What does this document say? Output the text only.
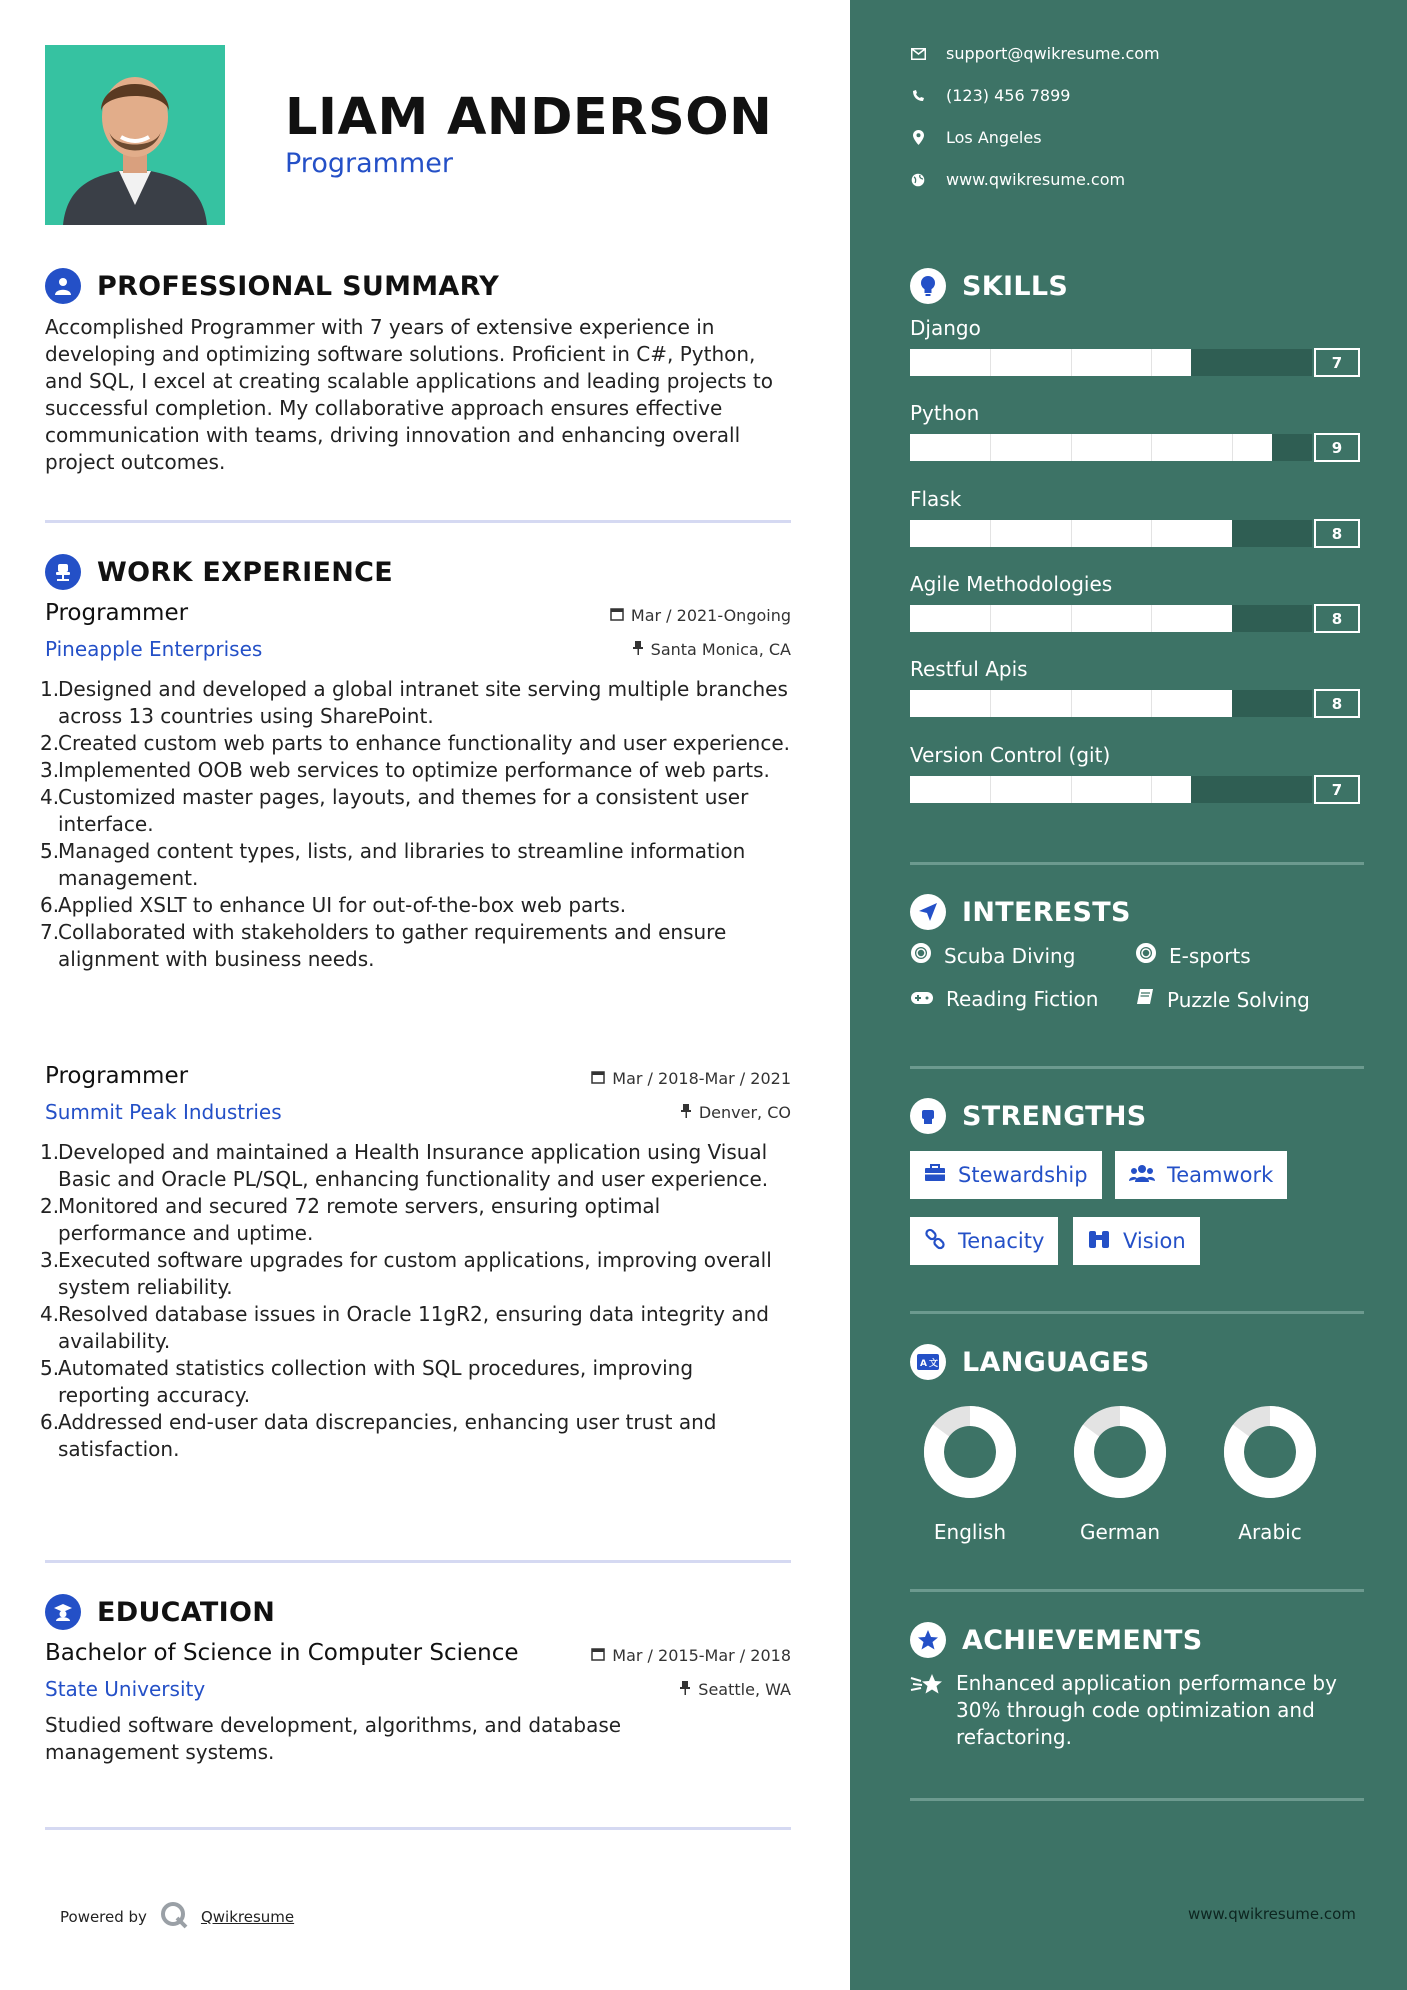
LIAM ANDERSON
Programmer
PROFESSIONAL SUMMARY
Accomplished Programmer with 7 years of extensive experience in developing and optimizing software solutions. Proficient in C#, Python, and SQL, I excel at creating scalable applications and leading projects to successful completion. My collaborative approach ensures effective communication with teams, driving innovation and enhancing overall project outcomes.
WORK EXPERIENCE
Programmer	Mar / 2021-Ongoing
Pineapple Enterprises	Santa Monica, CA
1.
Designed and developed a global intranet site serving multiple branches across 13 countries using SharePoint.
2.
Created custom web parts to enhance functionality and user experience.
3.
Implemented OOB web services to optimize performance of web parts.
4.
Customized master pages, layouts, and themes for a consistent user interface.
5.
Managed content types, lists, and libraries to streamline information management.
6.
Applied XSLT to enhance UI for out-of-the-box web parts.
7.
Collaborated with stakeholders to gather requirements and ensure alignment with business needs.
Programmer	Mar / 2018-Mar / 2021
Summit Peak Industries	Denver, CO
1.
Developed and maintained a Health Insurance application using Visual Basic and Oracle PL/SQL, enhancing functionality and user experience.
2.
Monitored and secured 72 remote servers, ensuring optimal performance and uptime.
3.
Executed software upgrades for custom applications, improving overall system reliability.
4.
Resolved database issues in Oracle 11gR2, ensuring data integrity and availability.
5.
Automated statistics collection with SQL procedures, improving reporting accuracy.
6.
Addressed end-user data discrepancies, enhancing user trust and satisfaction.
EDUCATION
Bachelor of Science in Computer Science	Mar / 2015-Mar / 2018
State University	Seattle, WA
Studied software development, algorithms, and database management systems.
Powered by	Qwikresume
support@qwikresume.com
(123) 456 7899
Los Angeles
www.qwikresume.com
SKILLS
Django
7
Python
9
Flask
8
Agile Methodologies
8
Restful Apis
8
Version Control (git)
7
INTERESTS
Scuba Diving	E-sports
Reading Fiction	Puzzle Solving
STRENGTHS
Stewardship	Teamwork
Tenacity	Vision
A 文 LANGUAGES
English	German	Arabic
ACHIEVEMENTS
Enhanced application performance by 30% through code optimization and refactoring.
www.qwikresume.com
